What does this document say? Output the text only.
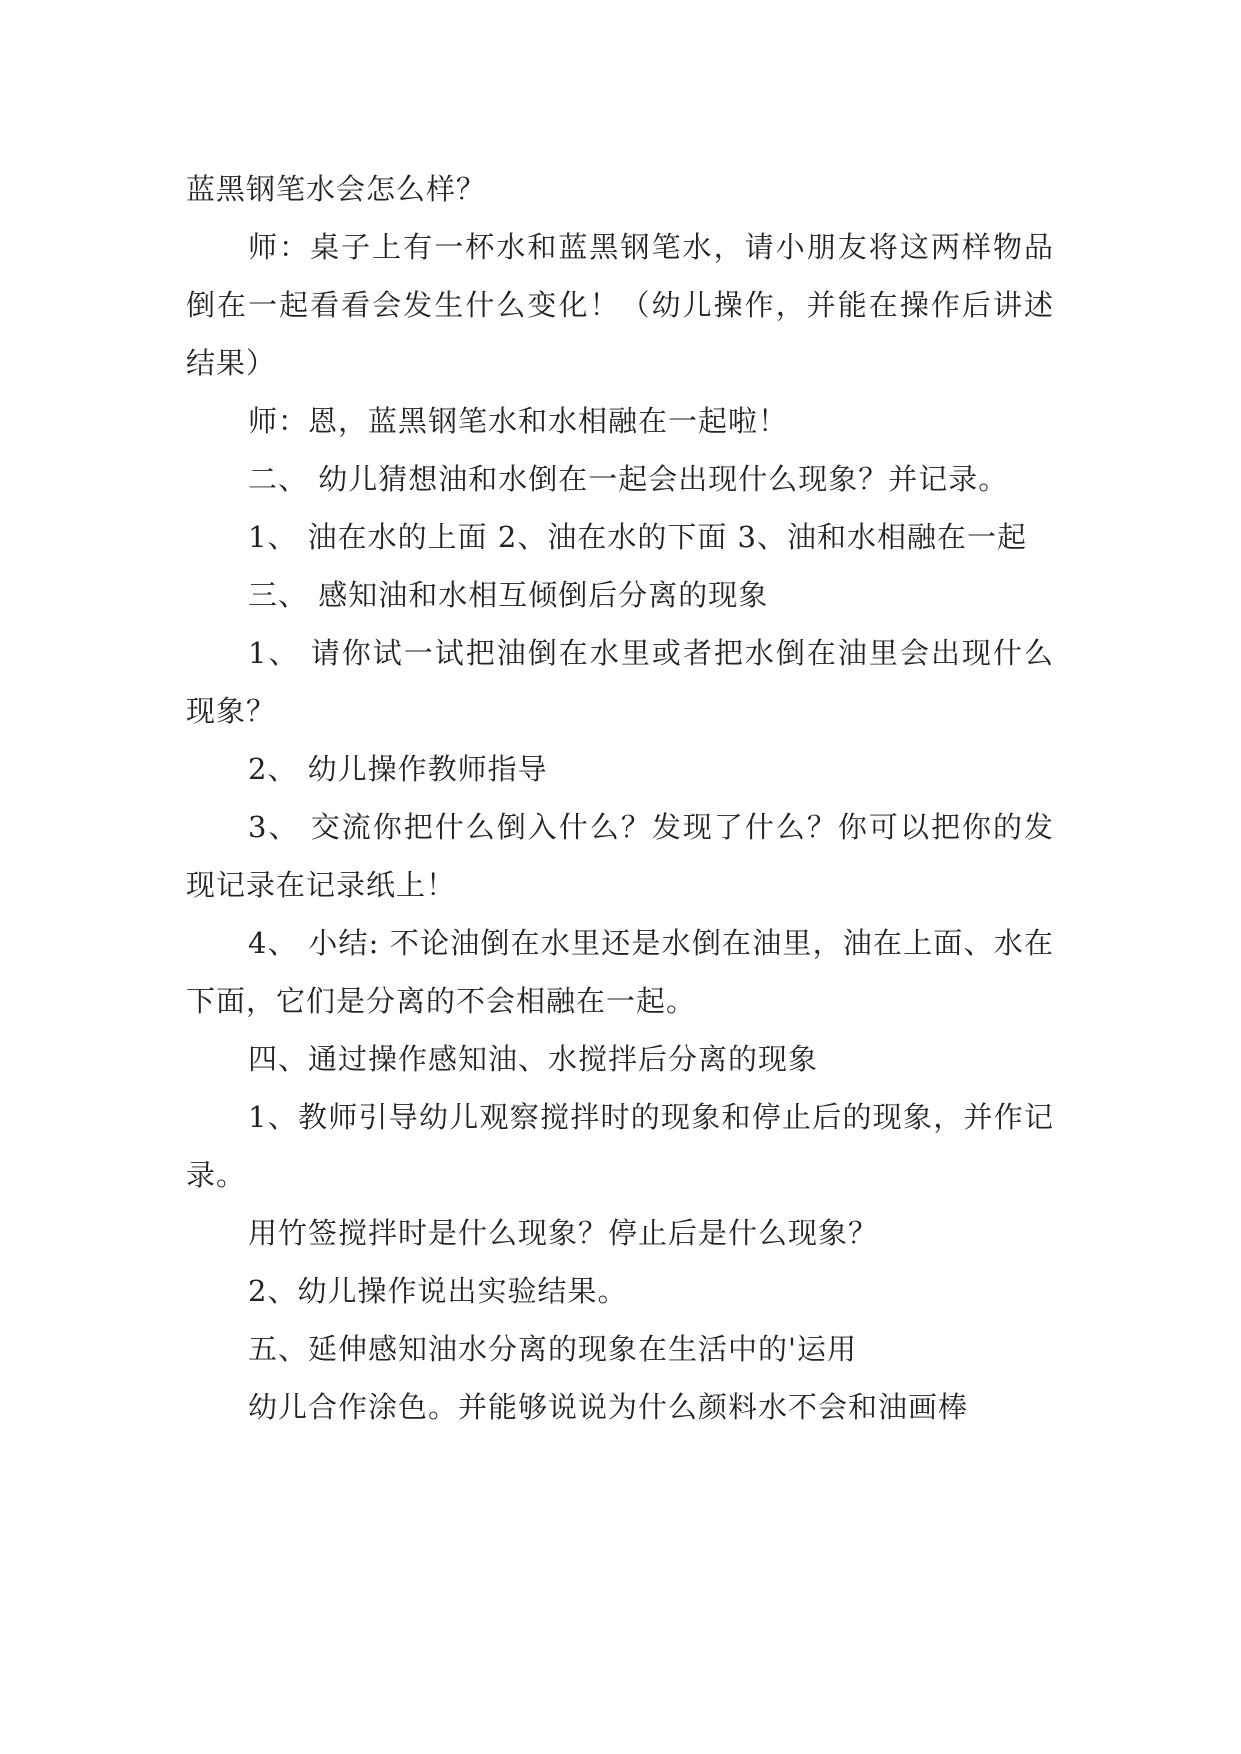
蓝黑钢笔水会怎么样？

师：桌子上有一杯水和蓝黑钢笔水，请小朋友将这两样物品倒在一起看看会发生什么变化！（幼儿操作，并能在操作后讲述结果）

师：恩，蓝黑钢笔水和水相融在一起啦！

二、 幼儿猜想油和水倒在一起会出现什么现象？并记录。

1、 油在水的上面 2、油在水的下面 3、油和水相融在一起

三、 感知油和水相互倾倒后分离的现象

1、 请你试一试把油倒在水里或者把水倒在油里会出现什么现象？

2、 幼儿操作教师指导

3、 交流你把什么倒入什么？发现了什么？你可以把你的发现记录在记录纸上！

4、 小结: 不论油倒在水里还是水倒在油里，油在上面、水在下面，它们是分离的不会相融在一起。

四、通过操作感知油、水搅拌后分离的现象

1、教师引导幼儿观察搅拌时的现象和停止后的现象，并作记录。

用竹签搅拌时是什么现象？停止后是什么现象？

2、幼儿操作说出实验结果。

五、延伸感知油水分离的现象在生活中的'运用

幼儿合作涂色。并能够说说为什么颜料水不会和油画棒
